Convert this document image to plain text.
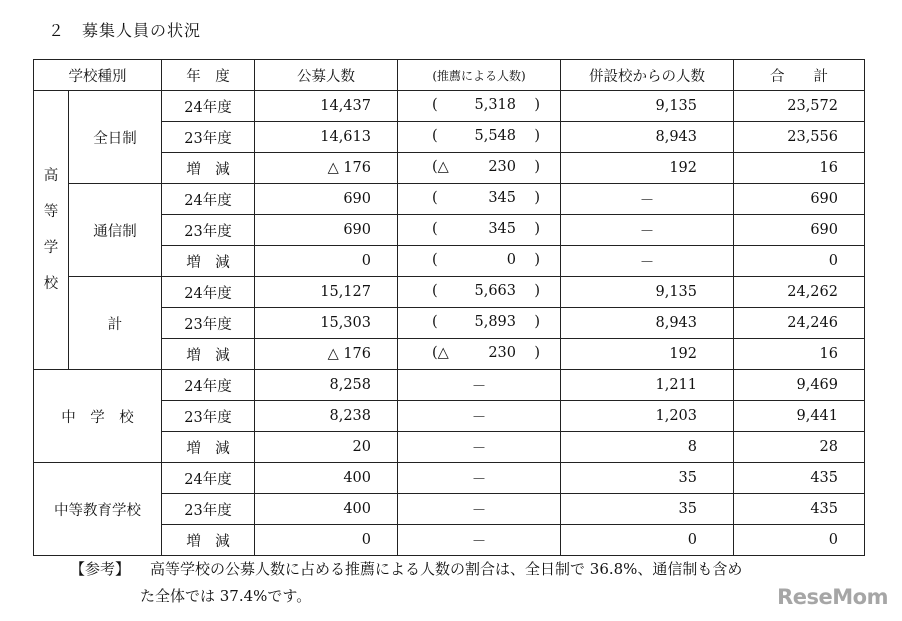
２　募集人員の状況
学校種別		年　度	公募人数	(推薦による人数)	併設校からの人数	合　　計
高

等

学

校	全日制	24年度	14,437	( 5,318 )	9,135	23,572
		23年度	14,613	( 5,548 )	8,943	23,556
		増　減	△ 176	(△ 230 )	192	16
	通信制	24年度	690	( 345 )	－	690
		23年度	690	( 345 )	－	690
		増　減	0	( 0 )	－	0
	計	24年度	15,127	( 5,663 )	9,135	24,262
		23年度	15,303	( 5,893 )	8,943	24,246
		増　減	△ 176	(△ 230 )	192	16
中　学　校		24年度	8,258	－	1,211	9,469
		23年度	8,238	－	1,203	9,441
		増　減	20	－	8	28
中等教育学校		24年度	400	－	35	435
		23年度	400	－	35	435
		増　減	0	－	0	0
【参考】 高等学校の公募人数に占める推薦による人数の割合は、全日制で 36.8%、通信制も含め
た全体では 37.4%です。	ReseMom
